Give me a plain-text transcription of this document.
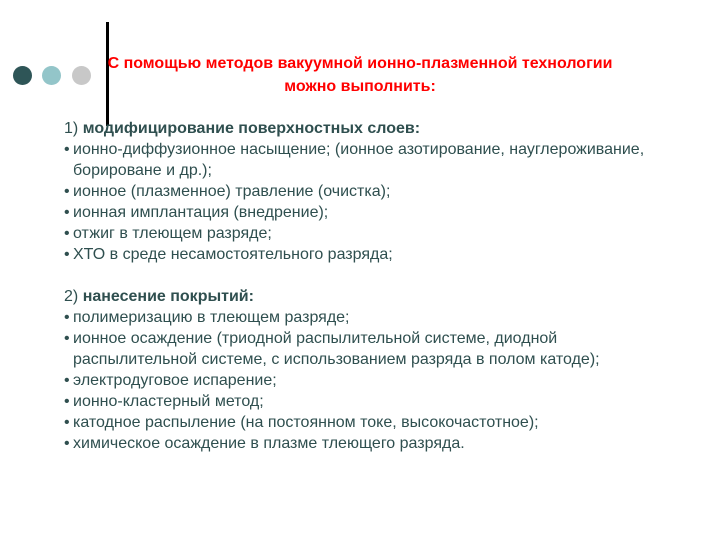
С помощью методов вакуумной ионно-плазменной технологии
можно выполнить:
1) модифицирование поверхностных слоев:
• ионно-диффузионное насыщение; (ионное азотирование, науглероживание, борироване и др.);
• ионное (плазменное) травление (очистка);
• ионная имплантация (внедрение);
• отжиг в тлеющем разряде;
• ХТО в среде несамостоятельного разряда;
2) нанесение покрытий:
• полимеризацию в тлеющем разряде;
• ионное осаждение (триодной распылительной системе, диодной распылительной системе, с использованием разряда в полом катоде);
• электродуговое испарение;
• ионно-кластерный метод;
• катодное распыление (на постоянном токе, высокочастотное);
• химическое осаждение в плазме тлеющего разряда.
